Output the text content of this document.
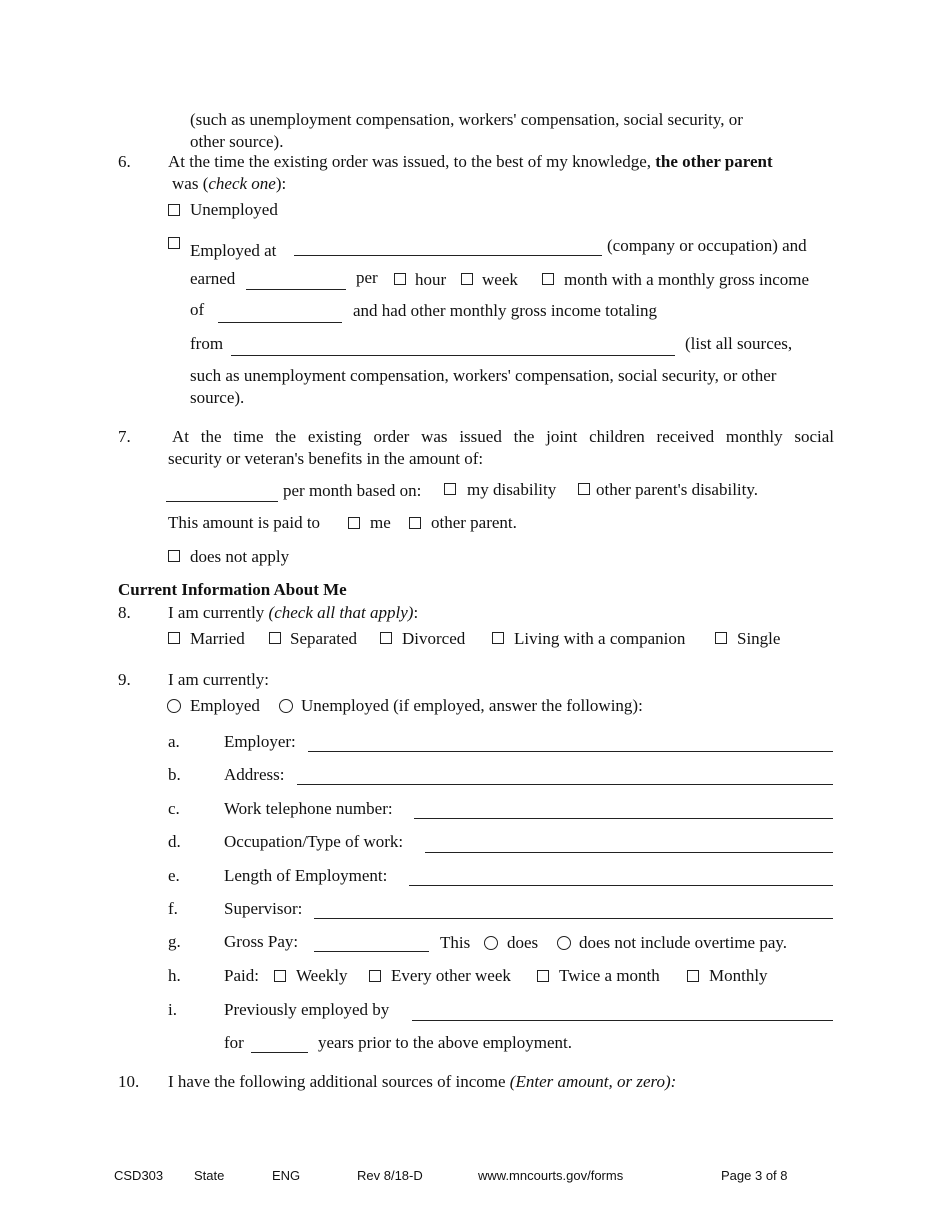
(such as unemployment compensation, workers' compensation, social security, or
other source).
6. At the time the existing order was issued, to the best of my knowledge, the other parent
was (check one):
Unemployed
Employed at	(company or occupation) and
earned	per hour week	month with a monthly gross income
of	and had other monthly gross income totaling
from	(list all sources,
such as unemployment compensation, workers' compensation, social security, or other
source).
7. At the time the existing order was issued the joint children received monthly social
security or veteran's benefits in the amount of:
per month based on:	my disability other parent's disability.
This amount is paid to	me other parent.
does not apply
Current Information About Me
8. I am currently (check all that apply):
Married	Separated	Divorced	Living with a companion	Single
9. I am currently:
Employed Unemployed (if employed, answer the following):
a.	Employer:
b.	Address:
c.	Work telephone number:
d.	Occupation/Type of work:
e.	Length of Employment:
f.	Supervisor:
g.	Gross Pay:	This does does not include overtime pay.
h.	Paid: Weekly	Every other week	Twice a month	Monthly
i.	Previously employed by
for	years prior to the above employment.
10. I have the following additional sources of income (Enter amount, or zero):
CSD303 State	ENG	Rev 8/18-D	www.mncourts.gov/forms	Page 3 of 8
